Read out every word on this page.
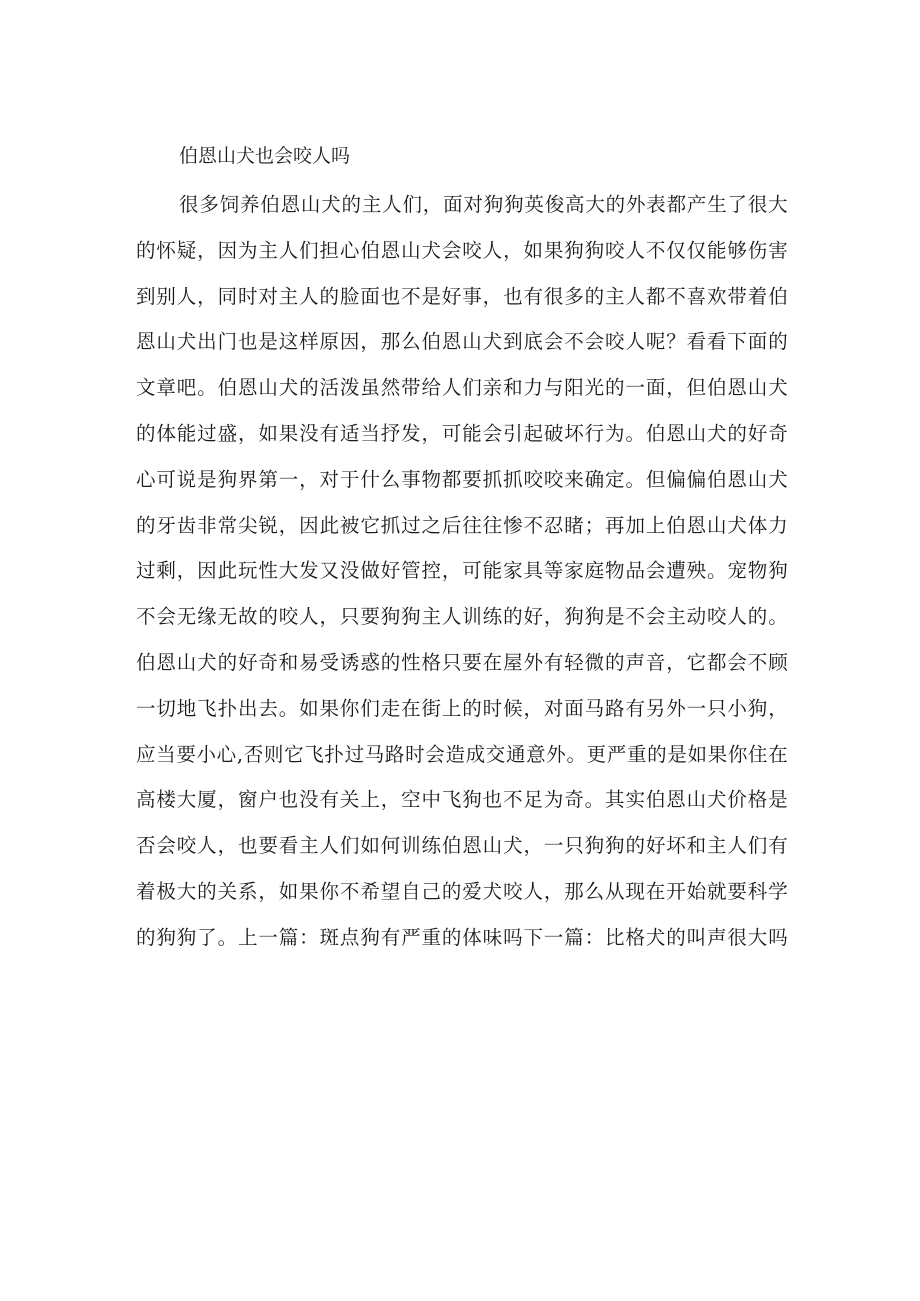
伯恩山犬也会咬人吗
很多饲养伯恩山犬的主人们，面对狗狗英俊高大的外表都产生了很大
的怀疑，因为主人们担心伯恩山犬会咬人，如果狗狗咬人不仅仅能够伤害
到别人，同时对主人的脸面也不是好事，也有很多的主人都不喜欢带着伯
恩山犬出门也是这样原因，那么伯恩山犬到底会不会咬人呢？看看下面的
文章吧。伯恩山犬的活泼虽然带给人们亲和力与阳光的一面，但伯恩山犬
的体能过盛，如果没有适当抒发，可能会引起破坏行为。伯恩山犬的好奇
心可说是狗界第一，对于什么事物都要抓抓咬咬来确定。但偏偏伯恩山犬
的牙齿非常尖锐，因此被它抓过之后往往惨不忍睹；再加上伯恩山犬体力
过剩，因此玩性大发又没做好管控，可能家具等家庭物品会遭殃。宠物狗
不会无缘无故的咬人，只要狗狗主人训练的好，狗狗是不会主动咬人的。
伯恩山犬的好奇和易受诱惑的性格只要在屋外有轻微的声音，它都会不顾
一切地飞扑出去。如果你们走在街上的时候，对面马路有另外一只小狗，
应当要小心,否则它飞扑过马路时会造成交通意外。更严重的是如果你住在
高楼大厦，窗户也没有关上，空中飞狗也不足为奇。其实伯恩山犬价格是
否会咬人，也要看主人们如何训练伯恩山犬，一只狗狗的好坏和主人们有
着极大的关系，如果你不希望自己的爱犬咬人，那么从现在开始就要科学
的狗狗了。上一篇：斑点狗有严重的体味吗下一篇：比格犬的叫声很大吗
